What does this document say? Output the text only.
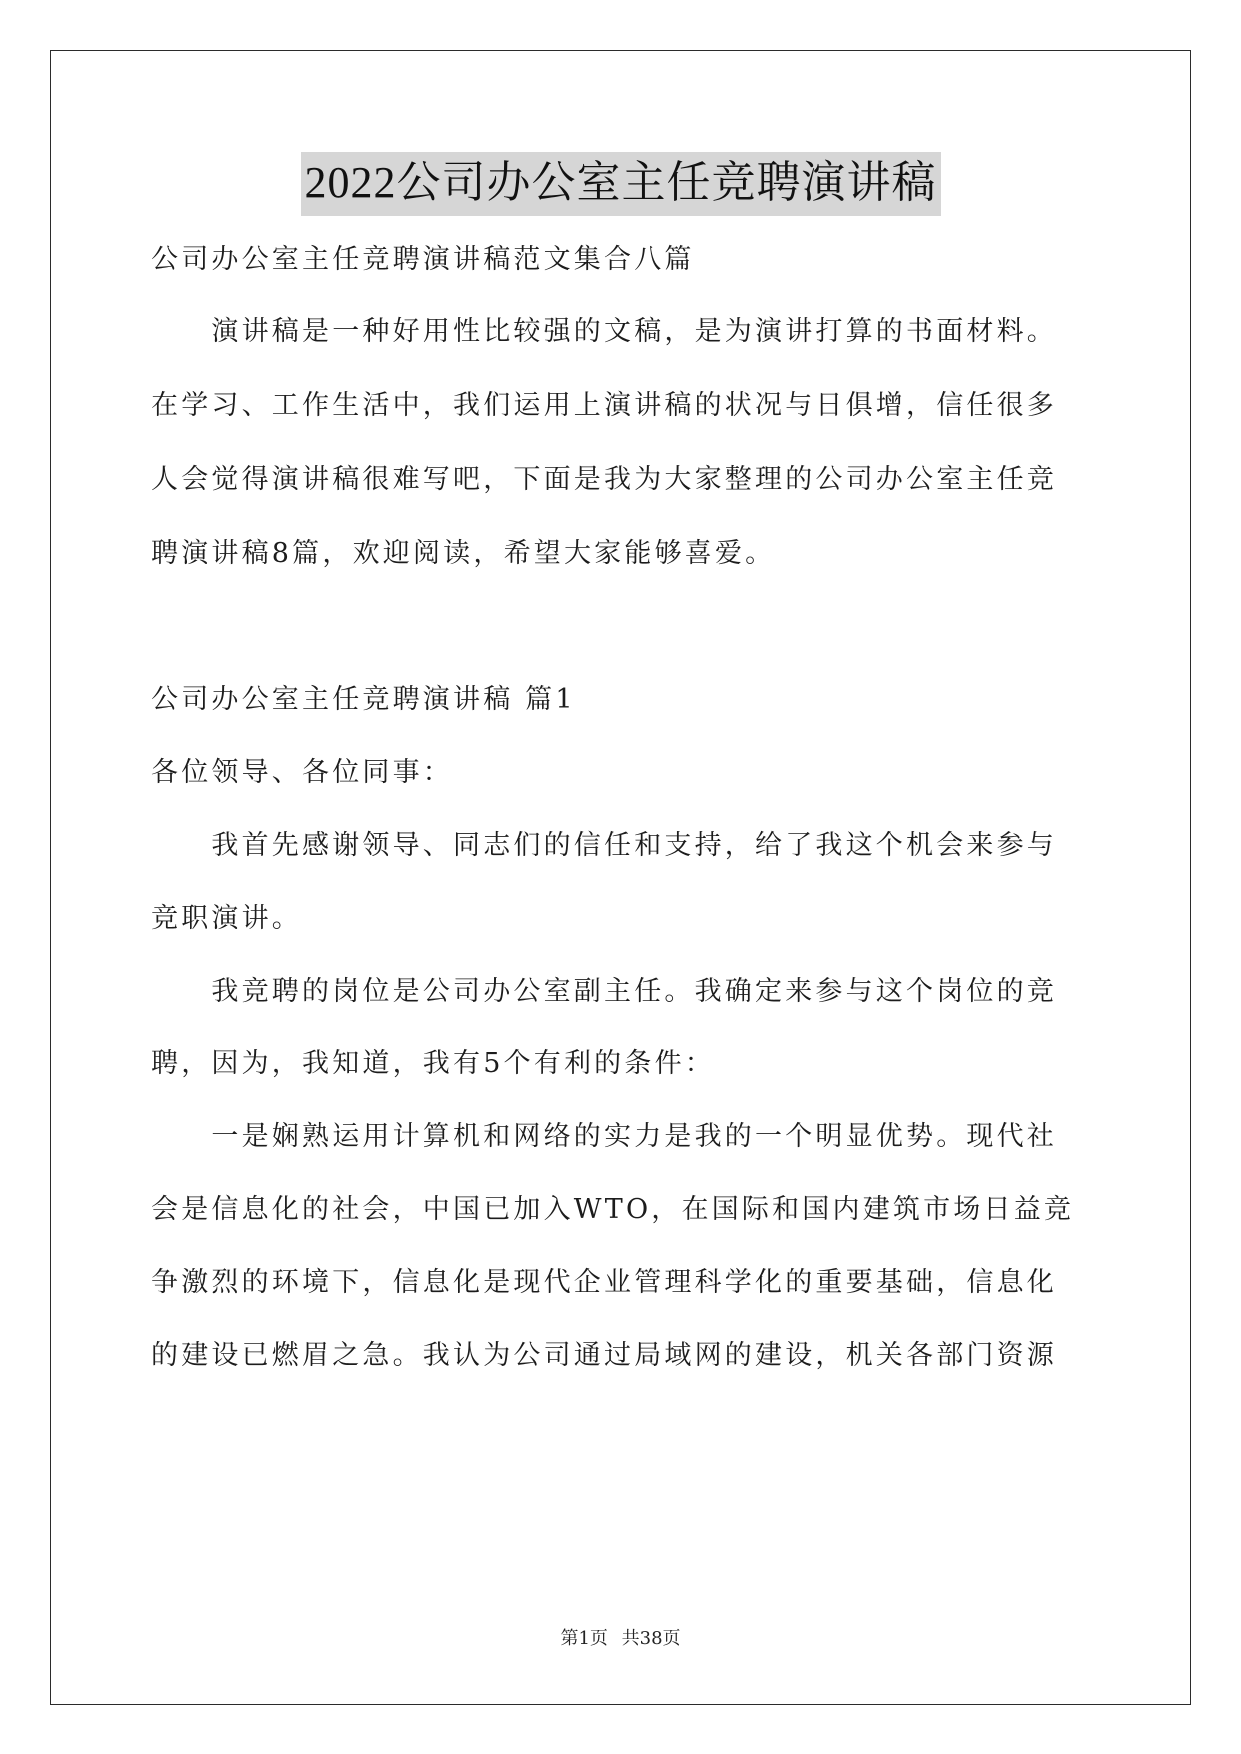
2022公司办公室主任竞聘演讲稿
公司办公室主任竞聘演讲稿范文集合八篇
　　演讲稿是一种好用性比较强的文稿，是为演讲打算的书面材料。
在学习、工作生活中，我们运用上演讲稿的状况与日俱增，信任很多
人会觉得演讲稿很难写吧，下面是我为大家整理的公司办公室主任竞
聘演讲稿8篇，欢迎阅读，希望大家能够喜爱。
公司办公室主任竞聘演讲稿 篇1
各位领导、各位同事：
　　我首先感谢领导、同志们的信任和支持，给了我这个机会来参与
竞职演讲。
　　我竞聘的岗位是公司办公室副主任。我确定来参与这个岗位的竞
聘，因为，我知道，我有5个有利的条件：
　　一是娴熟运用计算机和网络的实力是我的一个明显优势。现代社
会是信息化的社会，中国已加入WTO，在国际和国内建筑市场日益竞
争激烈的环境下，信息化是现代企业管理科学化的重要基础，信息化
的建设已燃眉之急。我认为公司通过局域网的建设，机关各部门资源
第1页 共38页
